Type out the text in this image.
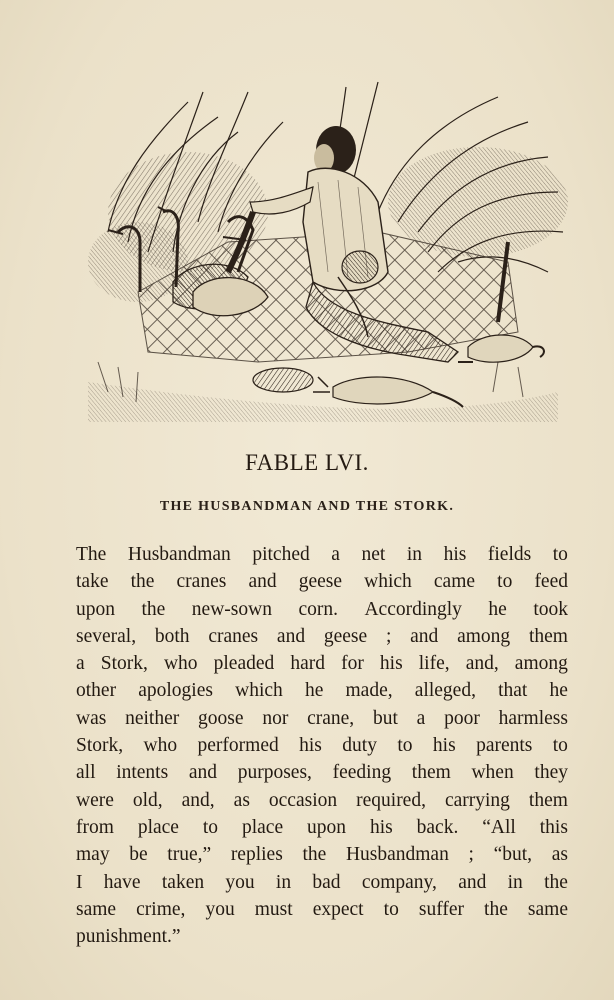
FABLE LVI.
THE HUSBANDMAN AND THE STORK.
The Husbandman pitched a net in his fields to
take the cranes and geese which came to feed
upon the new-sown corn. Accordingly he took
several, both cranes and geese ; and among them
a Stork, who pleaded hard for his life, and, among
other apologies which he made, alleged, that he
was neither goose nor crane, but a poor harmless
Stork, who performed his duty to his parents to
all intents and purposes, feeding them when they
were old, and, as occasion required, carrying them
from place to place upon his back. “All this
may be true,” replies the Husbandman ; “but, as
I have taken you in bad company, and in the
same crime, you must expect to suffer the same
punishment.”
